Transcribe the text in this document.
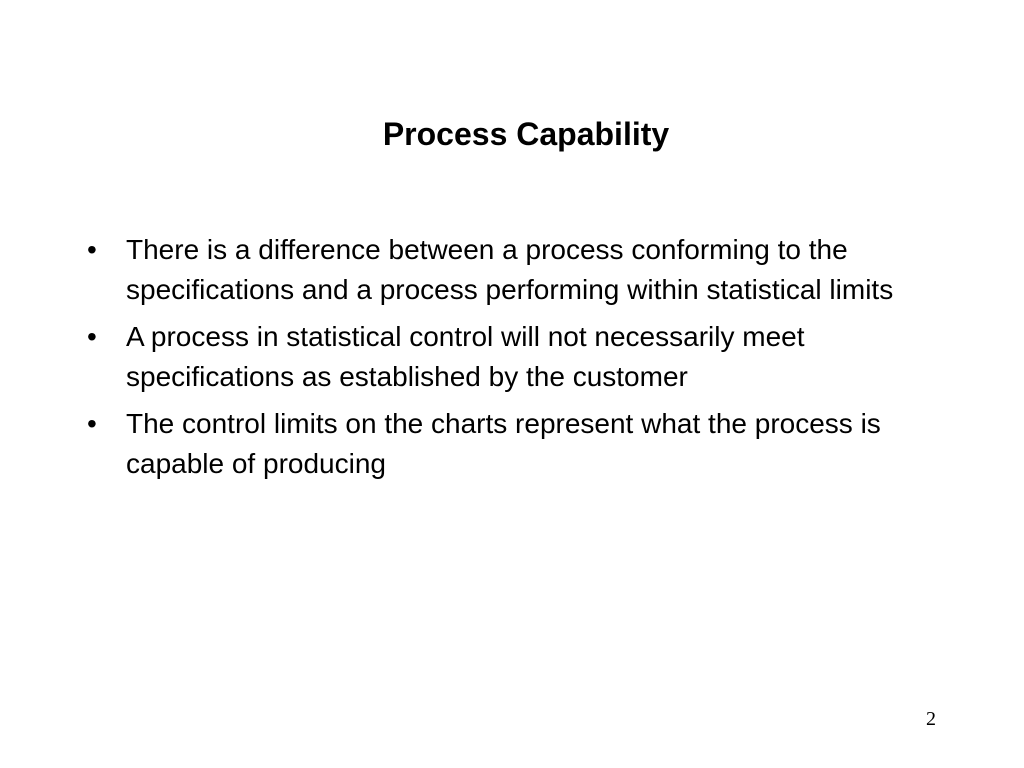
Process Capability
• There is a difference between a process conforming to the specifications and a process performing within statistical limits
• A process in statistical control will not necessarily meet specifications as established by the customer
• The control limits on the charts represent what the process is capable of producing
2
